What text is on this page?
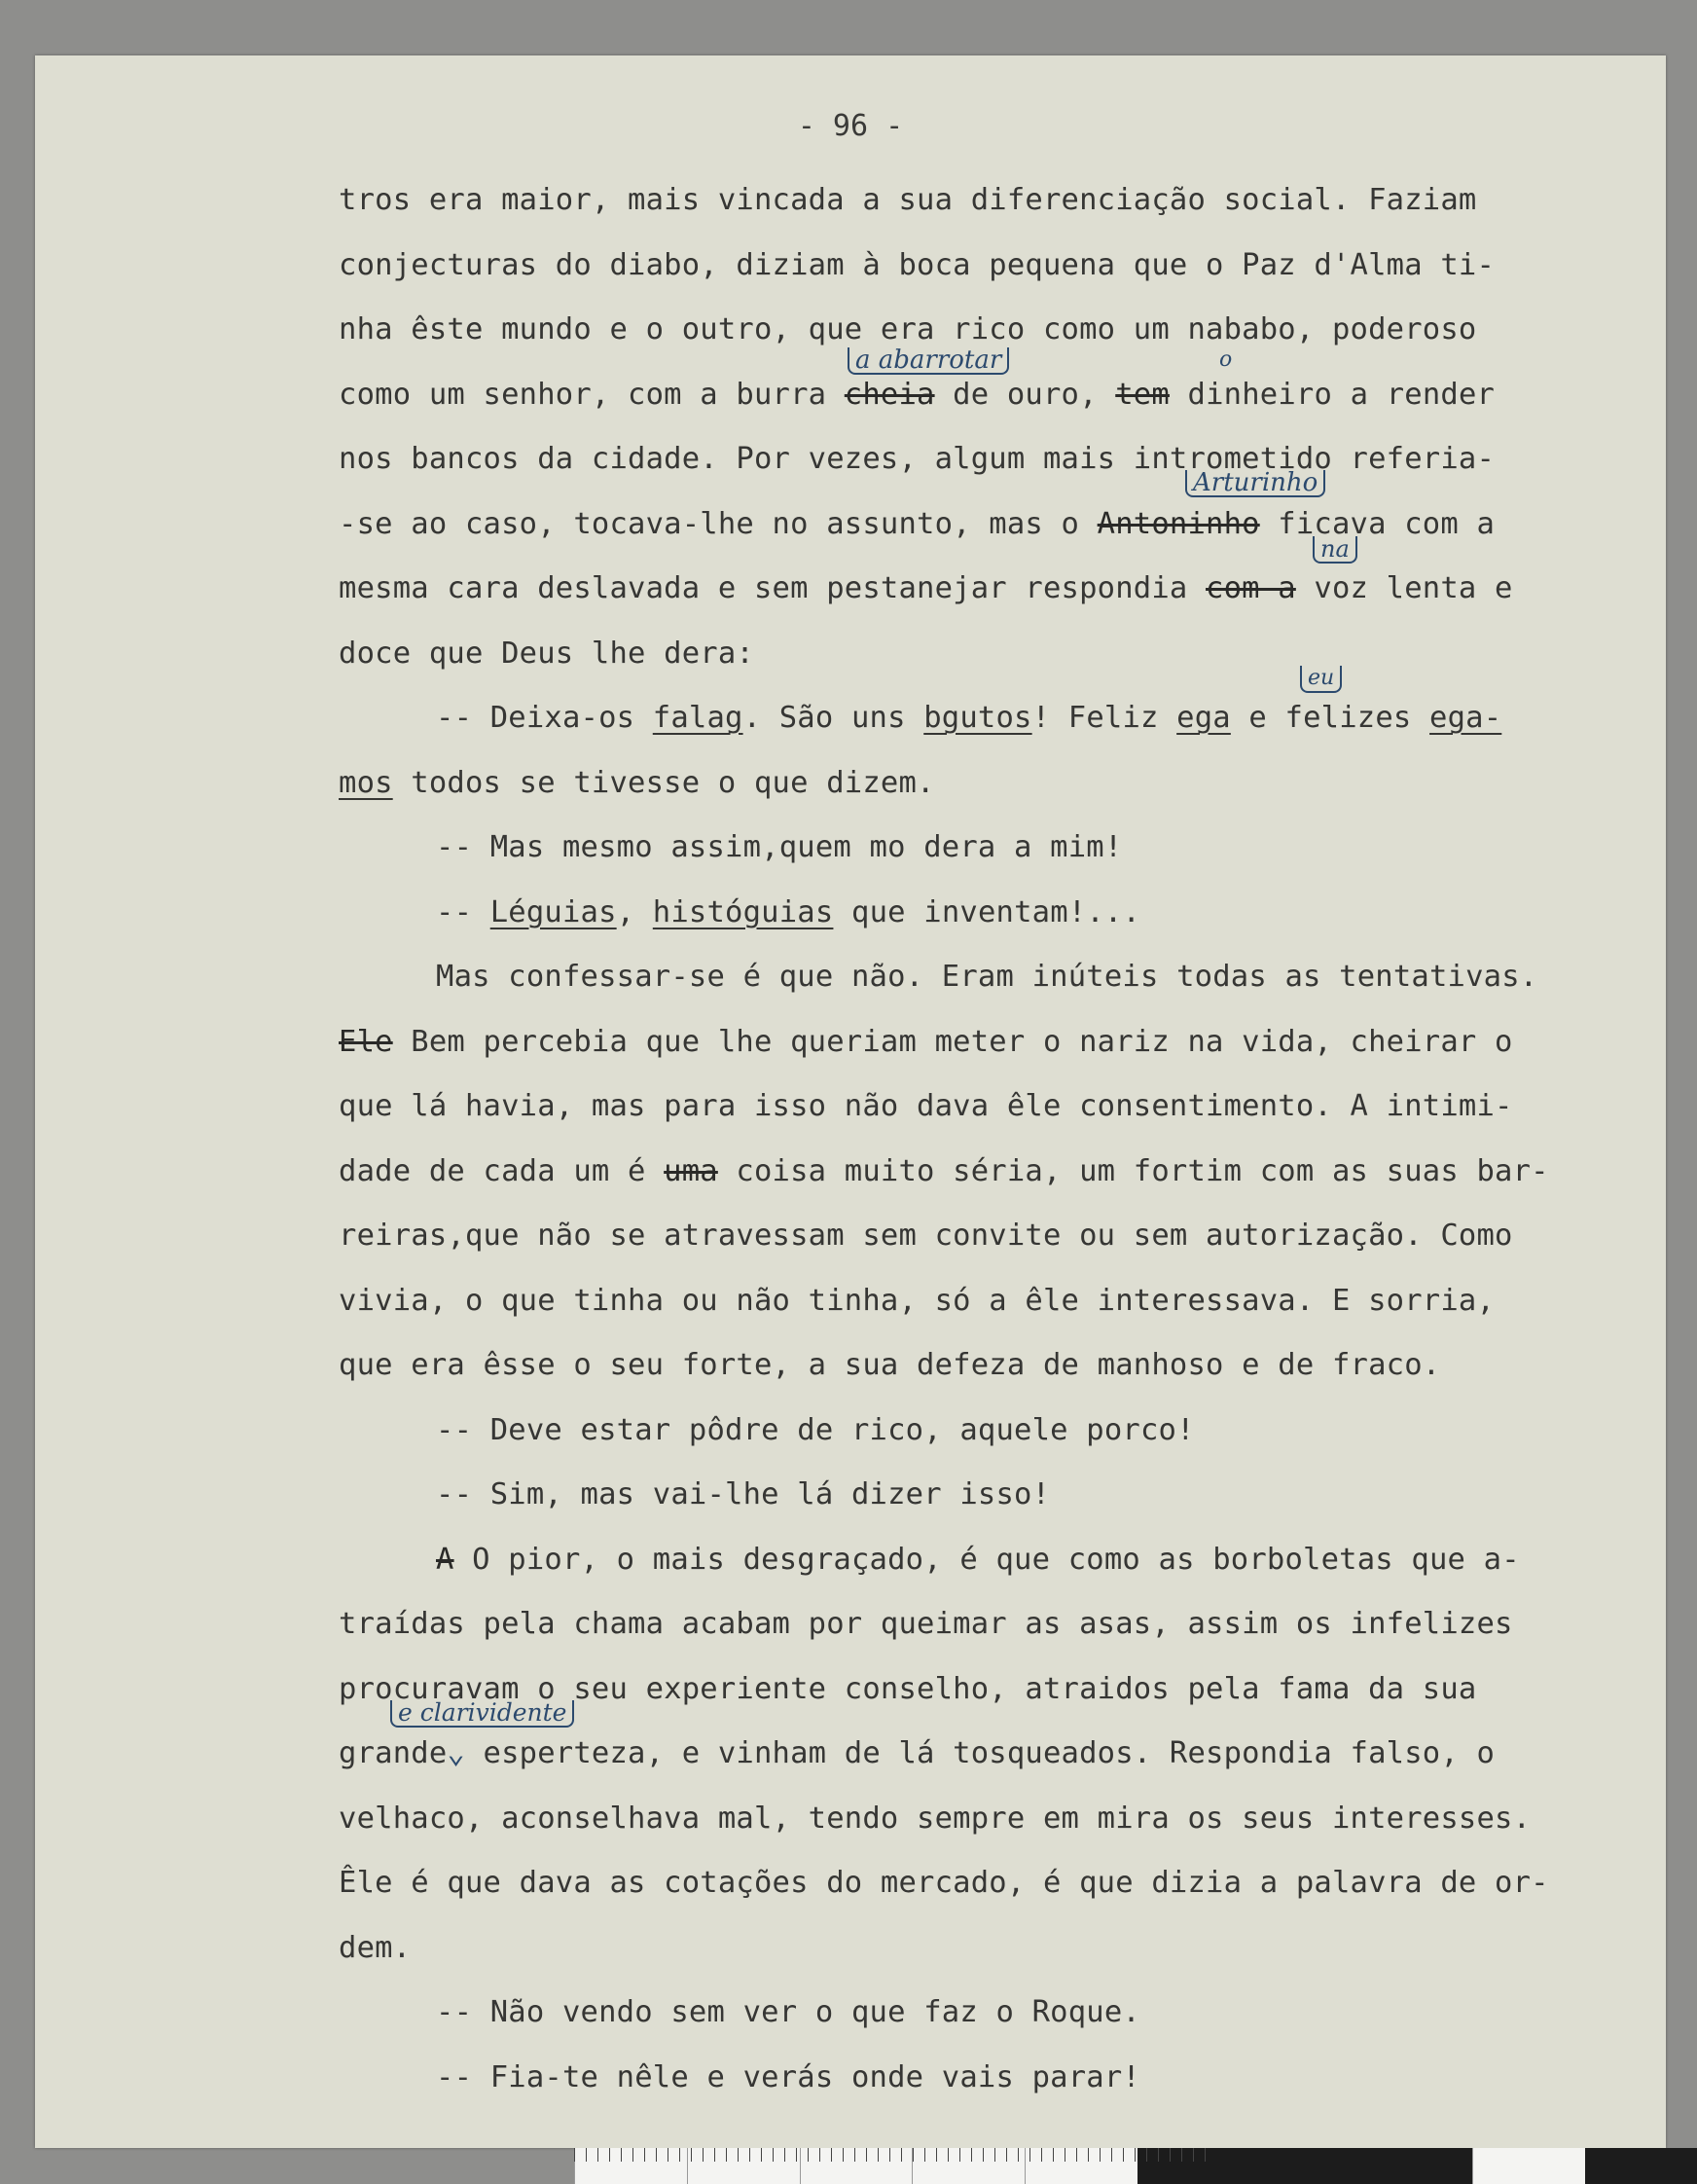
- 96 -
tros era maior, mais vincada a sua diferenciação social. Faziam
conjecturas do diabo, diziam à boca pequena que o Paz d'Alma ti-
nha êste mundo e o outro, que era rico como um nababo, poderoso
como um senhor, com a burra cheia de ouro, tem dinheiro a render
nos bancos da cidade. Por vezes, algum mais intrometido referia-
-se ao caso, tocava-lhe no assunto, mas o Antoninho ficava com a
mesma cara deslavada e sem pestanejar respondia com a voz lenta e
doce que Deus lhe dera:
-- Deixa-os falag. São uns bgutos! Feliz ega e felizes ega-
mos todos se tivesse o que dizem.
-- Mas mesmo assim,quem mo dera a mim!
-- Léguias, históguias que inventam!...
Mas confessar-se é que não. Eram inúteis todas as tentativas.
Ele Bem percebia que lhe queriam meter o nariz na vida, cheirar o
que lá havia, mas para isso não dava êle consentimento. A intimi-
dade de cada um é uma coisa muito séria, um fortim com as suas bar-
reiras,que não se atravessam sem convite ou sem autorização. Como
vivia, o que tinha ou não tinha, só a êle interessava. E sorria,
que era êsse o seu forte, a sua defeza de manhoso e de fraco.
-- Deve estar pôdre de rico, aquele porco!
-- Sim, mas vai-lhe lá dizer isso!
A O pior, o mais desgraçado, é que como as borboletas que a-
traídas pela chama acabam por queimar as asas, assim os infelizes
procuravam o seu experiente conselho, atraidos pela fama da sua
grande⌄ esperteza, e vinham de lá tosqueados. Respondia falso, o
velhaco, aconselhava mal, tendo sempre em mira os seus interesses.
Êle é que dava as cotações do mercado, é que dizia a palavra de or-
dem.
-- Não vendo sem ver o que faz o Roque.
-- Fia-te nêle e verás onde vais parar!
a abarrotar	o
Arturinho
na
eu
e clarividente
